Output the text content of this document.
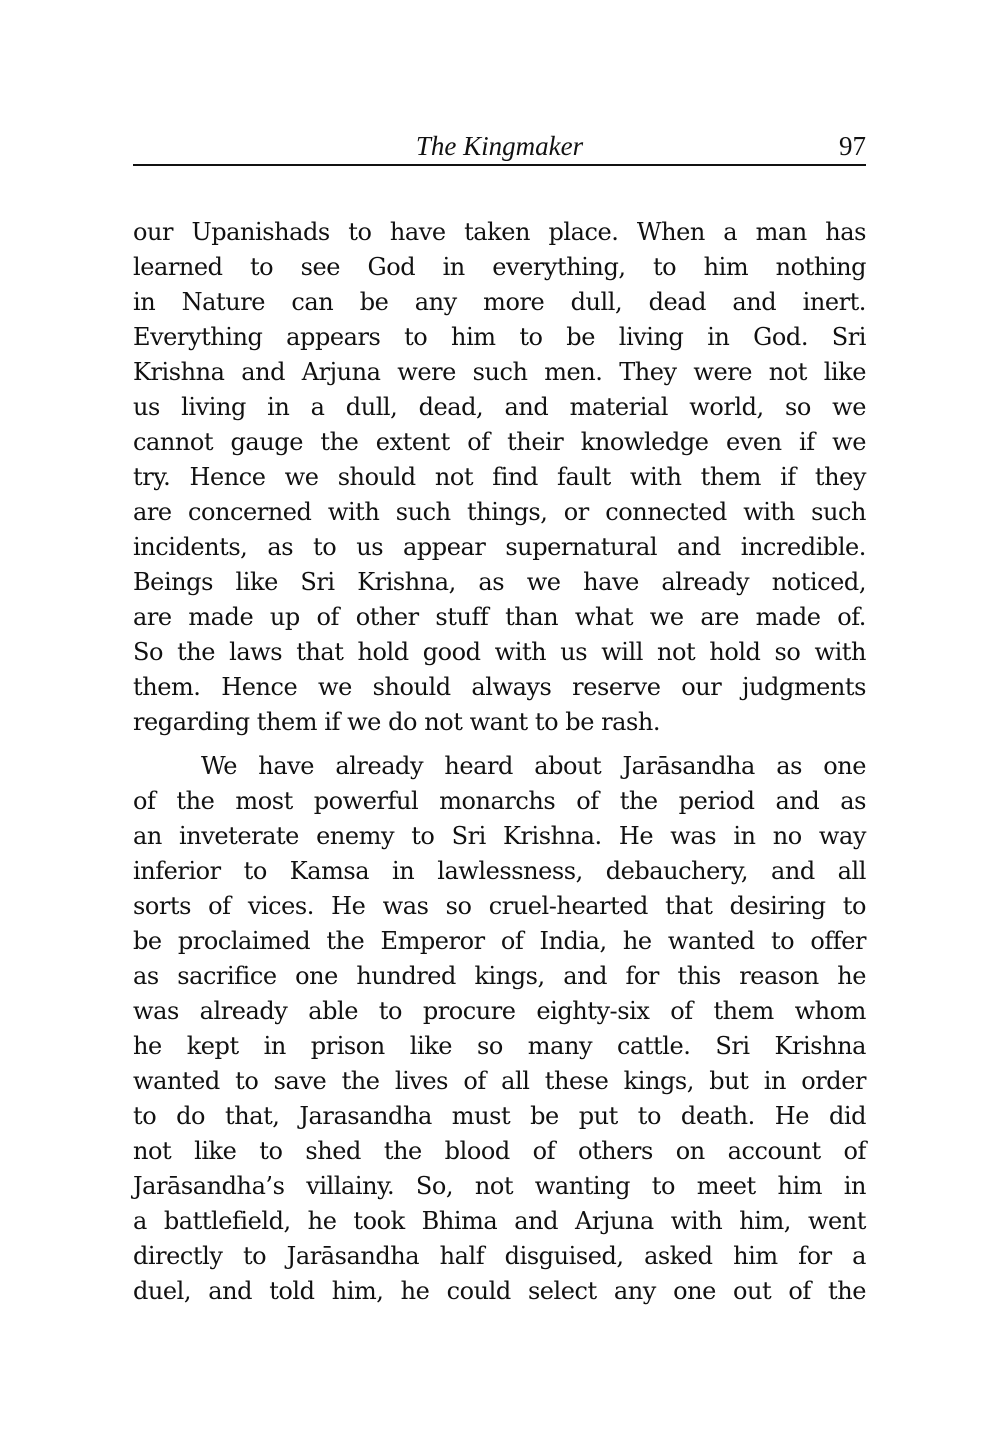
The Kingmaker	97
our Upanishads to have taken place. When a man has
learned to see God in everything, to him nothing
in Nature can be any more dull, dead and inert.
Everything appears to him to be living in God. Sri
Krishna and Arjuna were such men. They were not like
us living in a dull, dead, and material world, so we
cannot gauge the extent of their knowledge even if we
try. Hence we should not find fault with them if they
are concerned with such things, or connected with such
incidents, as to us appear supernatural and incredible.
Beings like Sri Krishna, as we have already noticed,
are made up of other stuff than what we are made of.
So the laws that hold good with us will not hold so with
them. Hence we should always reserve our judgments
regarding them if we do not want to be rash.
We have already heard about Jarāsandha as one
of the most powerful monarchs of the period and as
an inveterate enemy to Sri Krishna. He was in no way
inferior to Kamsa in lawlessness, debauchery, and all
sorts of vices. He was so cruel-hearted that desiring to
be proclaimed the Emperor of India, he wanted to offer
as sacrifice one hundred kings, and for this reason he
was already able to procure eighty-six of them whom
he kept in prison like so many cattle. Sri Krishna
wanted to save the lives of all these kings, but in order
to do that, Jarasandha must be put to death. He did
not like to shed the blood of others on account of
Jarāsandha’s villainy. So, not wanting to meet him in
a battlefield, he took Bhima and Arjuna with him, went
directly to Jarāsandha half disguised, asked him for a
duel, and told him, he could select any one out of the
